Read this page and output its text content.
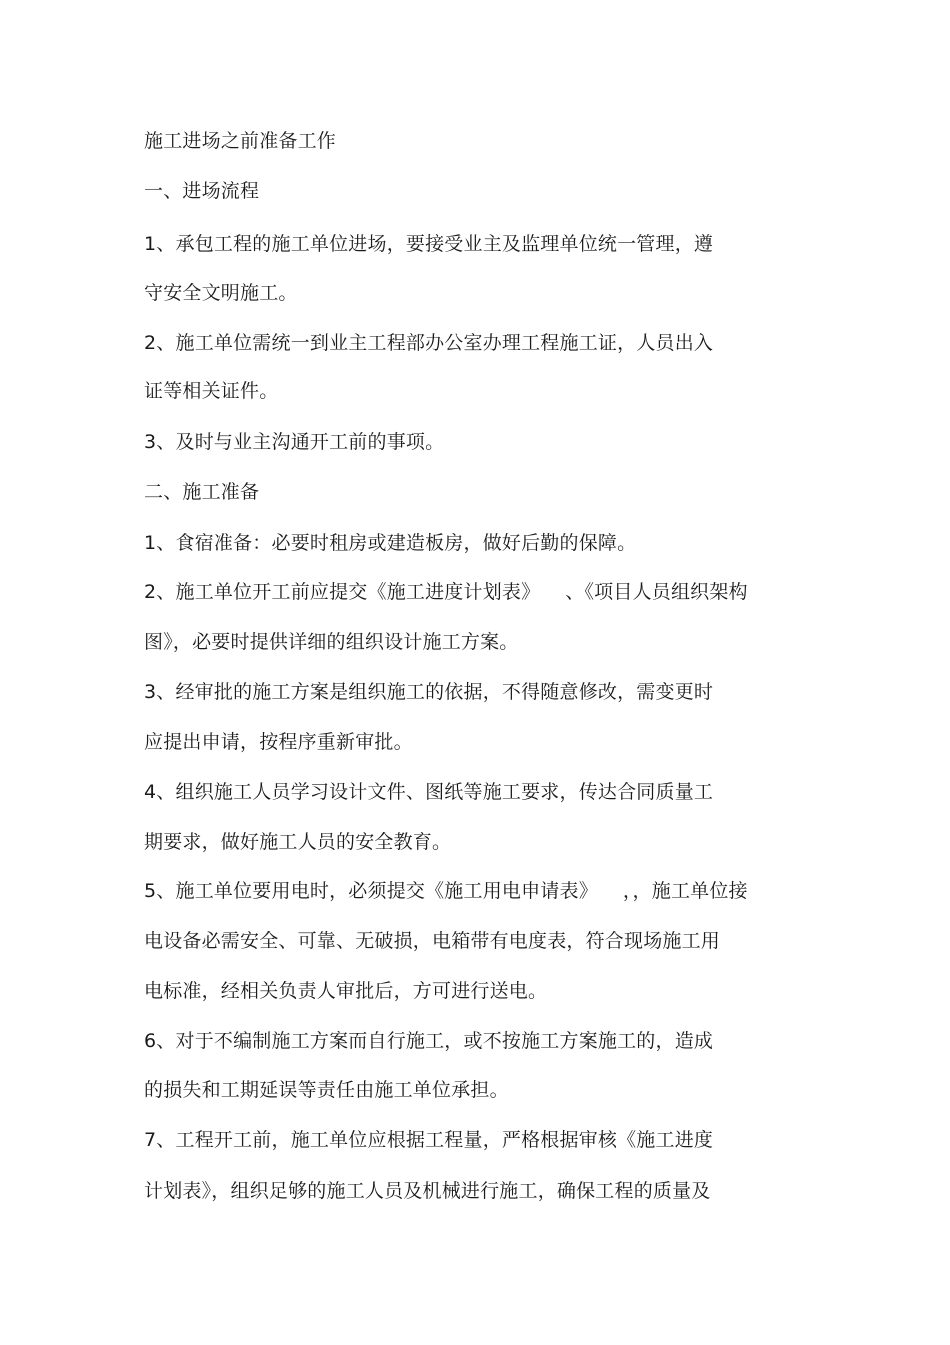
施工进场之前准备工作
一、进场流程
1、承包工程的施工单位进场，要接受业主及监理单位统一管理，遵
守安全文明施工。
2、施工单位需统一到业主工程部办公室办理工程施工证，人员出入
证等相关证件。
3、及时与业主沟通开工前的事项。
二、施工准备
1、食宿准备：必要时租房或建造板房，做好后勤的保障。
2、施工单位开工前应提交《施工进度计划表》    、《项目人员组织架构
图》，必要时提供详细的组织设计施工方案。
3、经审批的施工方案是组织施工的依据，不得随意修改，需变更时
应提出申请，按程序重新审批。
4、组织施工人员学习设计文件、图纸等施工要求，传达合同质量工
期要求，做好施工人员的安全教育。
5、施工单位要用电时，必须提交《施工用电申请表》    ，，施工单位接
电设备必需安全、可靠、无破损，电箱带有电度表，符合现场施工用
电标准，经相关负责人审批后，方可进行送电。
6、对于不编制施工方案而自行施工，或不按施工方案施工的，造成
的损失和工期延误等责任由施工单位承担。
7、工程开工前，施工单位应根据工程量，严格根据审核《施工进度
计划表》，组织足够的施工人员及机械进行施工，确保工程的质量及
